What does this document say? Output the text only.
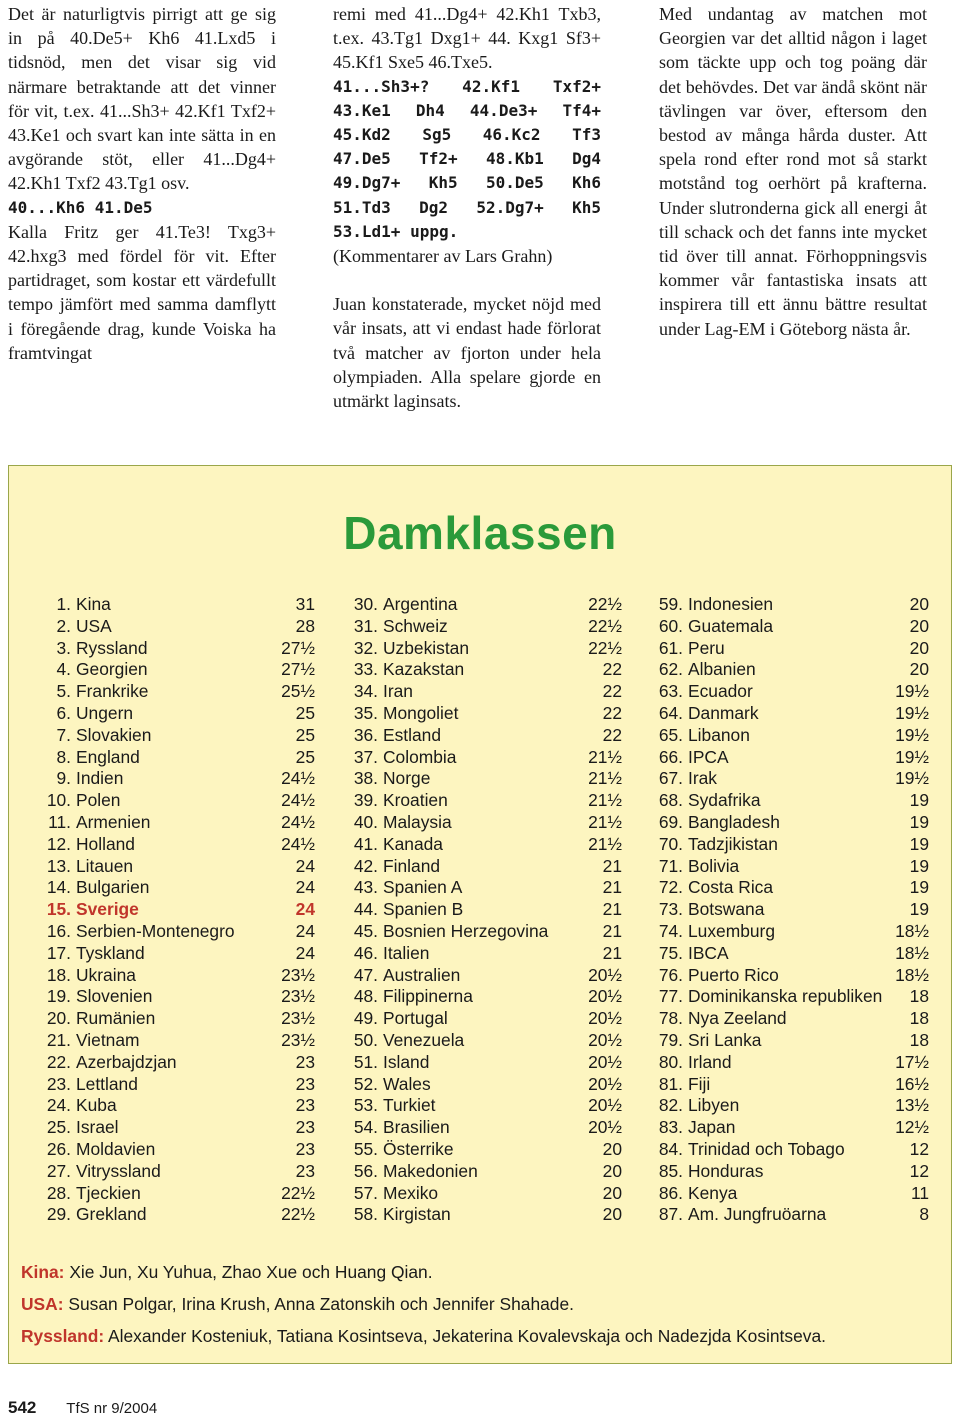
Det är naturligtvis pirrigt att ge sig in på 40.De5+ Kh6 41.Lxd5 i tidsnöd, men det visar sig vid närmare betraktande att det vinner för vit, t.ex. 41...Sh3+ 42.Kf1 Txf2+ 43.Ke1 och svart kan inte sätta in en avgörande stöt, eller 41...Dg4+ 42.Kh1 Txf2 43.Tg1 osv.

40...Kh6 41.De5

Kalla Fritz ger 41.Te3! Txg3+ 42.hxg3 med fördel för vit. Efter partidraget, som kostar ett värdefullt tempo jämfört med samma damflytt i föregående drag, kunde Voiska ha framtvingat

remi med 41...Dg4+ 42.Kh1 Txb3, t.ex. 43.Tg1 Dxg1+ 44. Kxg1 Sf3+ 45.Kf1 Sxe5 46.Txe5.

41...Sh3+? 42.Kf1 Txf2+ 43.Ke1 Dh4 44.De3+ Tf4+ 45.Kd2 Sg5 46.Kc2 Tf3 47.De5 Tf2+ 48.Kb1 Dg4 49.Dg7+ Kh5 50.De5 Kh6 51.Td3 Dg2 52.Dg7+ Kh5 53.Ld1+ uppg.

(Kommentarer av Lars Grahn)

Juan konstaterade, mycket nöjd med vår insats, att vi endast hade förlorat två matcher av fjorton under hela olympiaden. Alla spelare gjorde en utmärkt laginsats.

Med undantag av matchen mot Georgien var det alltid någon i laget som täckte upp och tog poäng där det behövdes. Det var ändå skönt när tävlingen var över, eftersom den bestod av många hårda duster. Att spela rond efter rond mot så starkt motstånd tog oerhört på krafterna. Under slutronderna gick all energi åt till schack och det fanns inte mycket tid över till annat. Förhoppningsvis kommer vår fantastiska insats att inspirera till ett ännu bättre resultat under Lag-EM i Göteborg nästa år.

Damklassen
1. Kina	31
2. USA	28
3. Ryssland	27½
4. Georgien	27½
5. Frankrike	25½
6. Ungern	25
7. Slovakien	25
8. England	25
9. Indien	24½
10. Polen	24½
11. Armenien	24½
12. Holland	24½
13. Litauen	24
14. Bulgarien	24
15. Sverige	24
16. Serbien-Montenegro	24
17. Tyskland	24
18. Ukraina	23½
19. Slovenien	23½
20. Rumänien	23½
21. Vietnam	23½
22. Azerbajdzjan	23
23. Lettland	23
24. Kuba	23
25. Israel	23
26. Moldavien	23
27. Vitryssland	23
28. Tjeckien	22½
29. Grekland	22½
30. Argentina	22½
31. Schweiz	22½
32. Uzbekistan	22½
33. Kazakstan	22
34. Iran	22
35. Mongoliet	22
36. Estland	22
37. Colombia	21½
38. Norge	21½
39. Kroatien	21½
40. Malaysia	21½
41. Kanada	21½
42. Finland	21
43. Spanien A	21
44. Spanien B	21
45. Bosnien Herzegovina	21
46. Italien	21
47. Australien	20½
48. Filippinerna	20½
49. Portugal	20½
50. Venezuela	20½
51. Island	20½
52. Wales	20½
53. Turkiet	20½
54. Brasilien	20½
55. Österrike	20
56. Makedonien	20
57. Mexiko	20
58. Kirgistan	20
59. Indonesien	20
60. Guatemala	20
61. Peru	20
62. Albanien	20
63. Ecuador	19½
64. Danmark	19½
65. Libanon	19½
66. IPCA	19½
67. Irak	19½
68. Sydafrika	19
69. Bangladesh	19
70. Tadzjikistan	19
71. Bolivia	19
72. Costa Rica	19
73. Botswana	19
74. Luxemburg	18½
75. IBCA	18½
76. Puerto Rico	18½
77. Dominikanska republiken 18
78. Nya Zeeland	18
79. Sri Lanka	18
80. Irland	17½
81. Fiji	16½
82. Libyen	13½
83. Japan	12½
84. Trinidad och Tobago	12
85. Honduras	12
86. Kenya	11
87. Am. Jungfruöarna	8
Kina: Xie Jun, Xu Yuhua, Zhao Xue och Huang Qian.
USA: Susan Polgar, Irina Krush, Anna Zatonskih och Jennifer Shahade.
Ryssland: Alexander Kosteniuk, Tatiana Kosintseva, Jekaterina Kovalevskaja och Nadezjda Kosintseva.
542 TfS nr 9/2004
